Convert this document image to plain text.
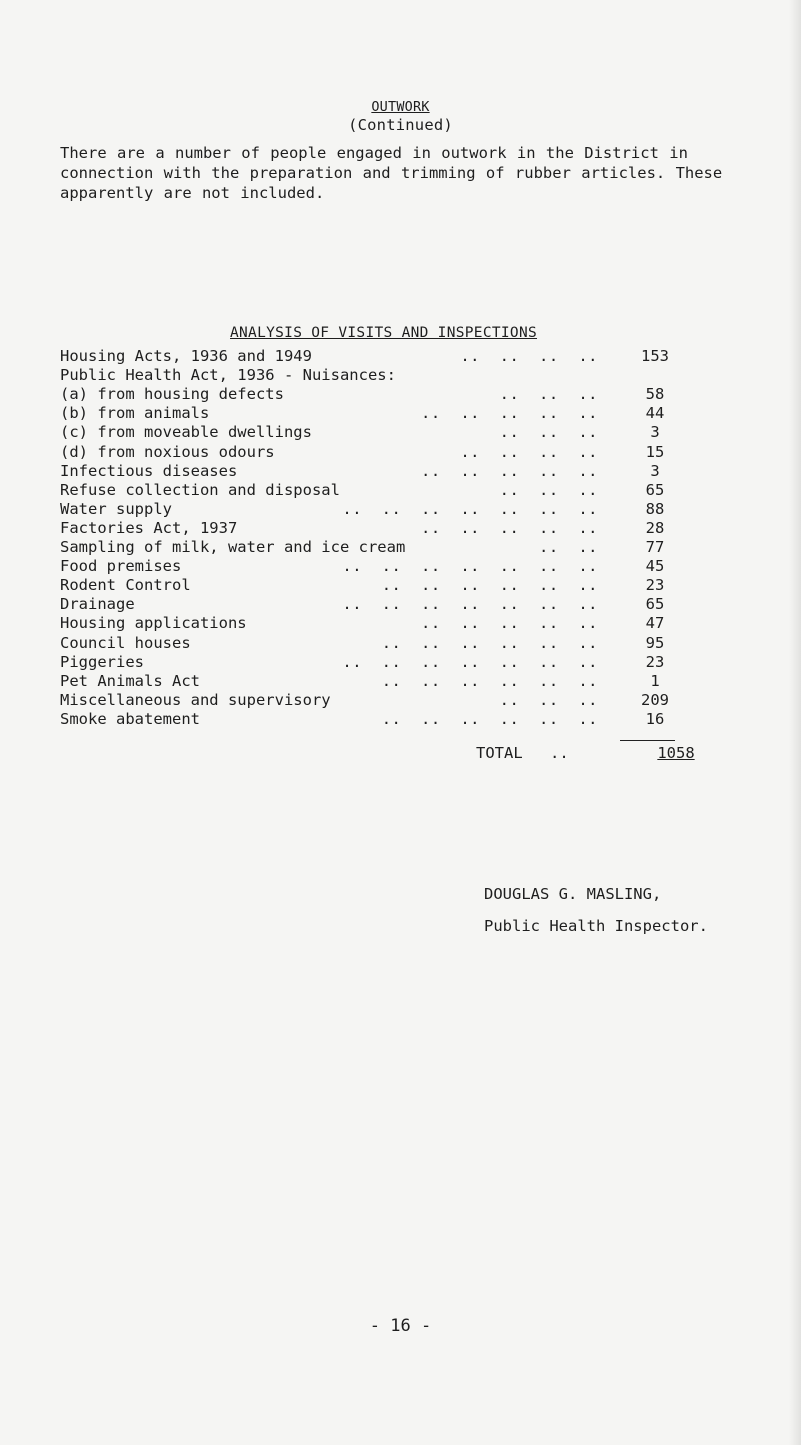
OUTWORK
(Continued)

There are a number of people engaged in outwork in the District in
connection with the preparation and trimming of rubber articles. These
apparently are not included.

ANALYSIS OF VISITS AND INSPECTIONS
Housing Acts, 1936 and 1949	..  ..  ..  ..	153
Public Health Act, 1936 - Nuisances:
(a) from housing defects	..  ..  ..	58
(b) from animals	..  ..  ..  ..  ..	44
(c) from moveable dwellings	..  ..  ..	3
(d) from noxious odours	..  ..  ..  ..	15
Infectious diseases	..  ..  ..  ..  ..	3
Refuse collection and disposal	..  ..  ..	65
Water supply	..  ..  ..  ..  ..  ..  ..	88
Factories Act, 1937	..  ..  ..  ..  ..	28
Sampling of milk, water and ice cream	..  ..	77
Food premises	..  ..  ..  ..  ..  ..  ..	45
Rodent Control	..  ..  ..  ..  ..  ..	23
Drainage	..  ..  ..  ..  ..  ..  ..	65
Housing applications	..  ..  ..  ..  ..	47
Council houses	..  ..  ..  ..  ..  ..	95
Piggeries	..  ..  ..  ..  ..  ..  ..	23
Pet Animals Act	..  ..  ..  ..  ..  ..	1
Miscellaneous and supervisory	..  ..  ..	209
Smoke abatement	..  ..  ..  ..  ..  ..	16
TOTAL ..	1058
DOUGLAS G. MASLING,
Public Health Inspector.
- 16 -
